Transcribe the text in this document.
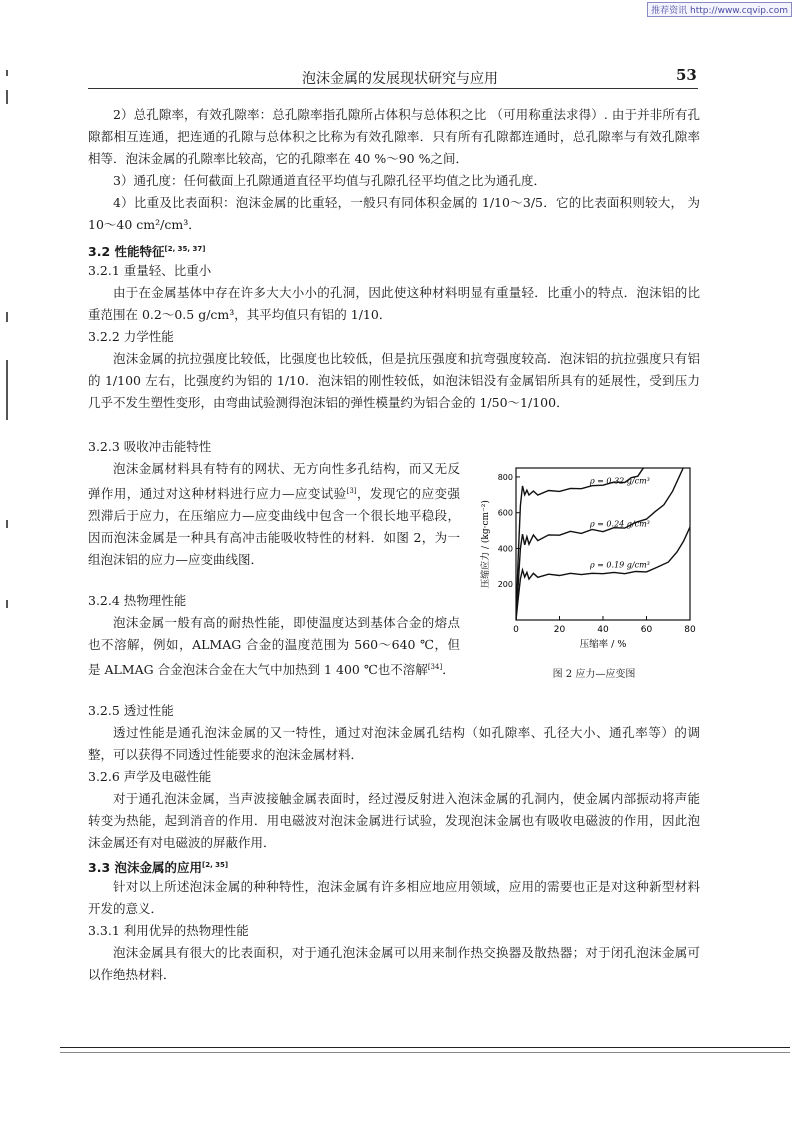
推荐资讯 http://www.cqvip.com
泡沫金属的发展现状研究与应用	53
2）总孔隙率，有效孔隙率：总孔隙率指孔隙所占体积与总体积之比 （可用称重法求得）. 由于并非所有孔隙都相互连通，把连通的孔隙与总体积之比称为有效孔隙率．只有所有孔隙都连通时，总孔隙率与有效孔隙率相等．泡沫金属的孔隙率比较高，它的孔隙率在 40 %～90 %之间．
3）通孔度：任何截面上孔隙通道直径平均值与孔隙孔径平均值之比为通孔度．
4）比重及比表面积：泡沫金属的比重轻，一般只有同体积金属的 1/10～3/5．它的比表面积则较大， 为 10～40 cm²/cm³．
3.2 性能特征[2, 35, 37]
3.2.1 重量轻、比重小
由于在金属基体中存在许多大大小小的孔洞，因此使这种材料明显有重量轻．比重小的特点．泡沫铝的比重范围在 0.2～0.5 g/cm³，其平均值只有铝的 1/10．
3.2.2 力学性能
泡沫金属的抗拉强度比较低，比强度也比较低，但是抗压强度和抗弯强度较高．泡沫铝的抗拉强度只有铝的 1/100 左右，比强度约为铝的 1/10．泡沫铝的刚性较低，如泡沫铝没有金属铝所具有的延展性，受到压力几乎不发生塑性变形，由弯曲试验测得泡沫铝的弹性模量约为铝合金的 1/50～1/100．
3.2.3 吸收冲击能特性
泡沫金属材料具有特有的网状、无方向性多孔结构，而又无反弹作用，通过对这种材料进行应力—应变试验[3]，发现它的应变强烈滞后于应力，在压缩应力—应变曲线中包含一个很长地平稳段，因而泡沫金属是一种具有高冲击能吸收特性的材料．如图 2，为一组泡沫铝的应力—应变曲线图．
3.2.4 热物理性能
泡沫金属一般有高的耐热性能，即使温度达到基体合金的熔点也不溶解，例如，ALMAG 合金的温度范围为 560～640 ℃，但是 ALMAG 合金泡沫合金在大气中加热到 1 400 ℃也不溶解[34]．
3.2.5 透过性能
透过性能是通孔泡沫金属的又一特性，通过对泡沫金属孔结构（如孔隙率、孔径大小、通孔率等）的调整，可以获得不同透过性能要求的泡沫金属材料．
3.2.6 声学及电磁性能
对于通孔泡沫金属，当声波接触金属表面时，经过漫反射进入泡沫金属的孔洞内，使金属内部振动将声能转变为热能，起到消音的作用．用电磁波对泡沫金属进行试验，发现泡沫金属也有吸收电磁波的作用，因此泡沫金属还有对电磁波的屏蔽作用．
3.3 泡沫金属的应用[2, 35]
针对以上所述泡沫金属的种种特性，泡沫金属有许多相应地应用领域，应用的需要也正是对这种新型材料开发的意义．
3.3.1 利用优异的热物理性能
泡沫金属具有很大的比表面积，对于通孔泡沫金属可以用来制作热交换器及散热器；对于闭孔泡沫金属可以作绝热材料．
0	20	40	60	80
200
400
600
800
压缩率 / %
压缩应力 / (kg·cm⁻²)
ρ = 0.32 g/cm³
ρ = 0.24 g/cm³
ρ = 0.19 g/cm³
图 2 应力—应变图
